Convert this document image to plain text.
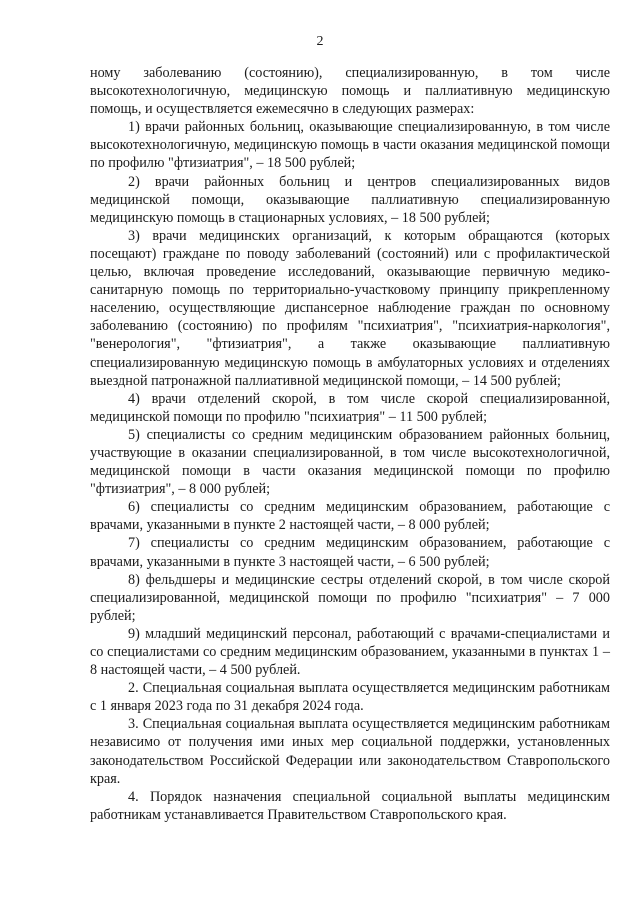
2

ному заболеванию (состоянию), специализированную, в том числе высокотехнологичную, медицинскую помощь и паллиативную медицинскую помощь, и осуществляется ежемесячно в следующих размерах:

1) врачи районных больниц, оказывающие специализированную, в том числе высокотехнологичную, медицинскую помощь в части оказания медицинской помощи по профилю "фтизиатрия", – 18 500 рублей;

2) врачи районных больниц и центров специализированных видов медицинской помощи, оказывающие паллиативную специализированную медицинскую помощь в стационарных условиях, – 18 500 рублей;

3) врачи медицинских организаций, к которым обращаются (которых посещают) граждане по поводу заболеваний (состояний) или с профилактической целью, включая проведение исследований, оказывающие первичную медико-санитарную помощь по территориально-участковому принципу прикрепленному населению, осуществляющие диспансерное наблюдение граждан по основному заболеванию (состоянию) по профилям "психиатрия", "психиатрия-наркология", "венерология", "фтизиатрия", а также оказывающие паллиативную специализированную медицинскую помощь в амбулаторных условиях и отделениях выездной патронажной паллиативной медицинской помощи, – 14 500 рублей;

4) врачи отделений скорой, в том числе скорой специализированной, медицинской помощи по профилю "психиатрия" – 11 500 рублей;

5) специалисты со средним медицинским образованием районных больниц, участвующие в оказании специализированной, в том числе высокотехнологичной, медицинской помощи в части оказания медицинской помощи по профилю "фтизиатрия", – 8 000 рублей;

6) специалисты со средним медицинским образованием, работающие с врачами, указанными в пункте 2 настоящей части, – 8 000 рублей;

7) специалисты со средним медицинским образованием, работающие с врачами, указанными в пункте 3 настоящей части, – 6 500 рублей;

8) фельдшеры и медицинские сестры отделений скорой, в том числе скорой специализированной, медицинской помощи по профилю "психиатрия" – 7 000 рублей;

9) младший медицинский персонал, работающий с врачами-специалистами и со специалистами со средним медицинским образованием, указанными в пунктах 1 – 8 настоящей части, – 4 500 рублей.

2. Специальная социальная выплата осуществляется медицинским работникам с 1 января 2023 года по 31 декабря 2024 года.

3. Специальная социальная выплата осуществляется медицинским работникам независимо от получения ими иных мер социальной поддержки, установленных законодательством Российской Федерации или законодательством Ставропольского края.

4. Порядок назначения специальной социальной выплаты медицинским работникам устанавливается Правительством Ставропольского края.
